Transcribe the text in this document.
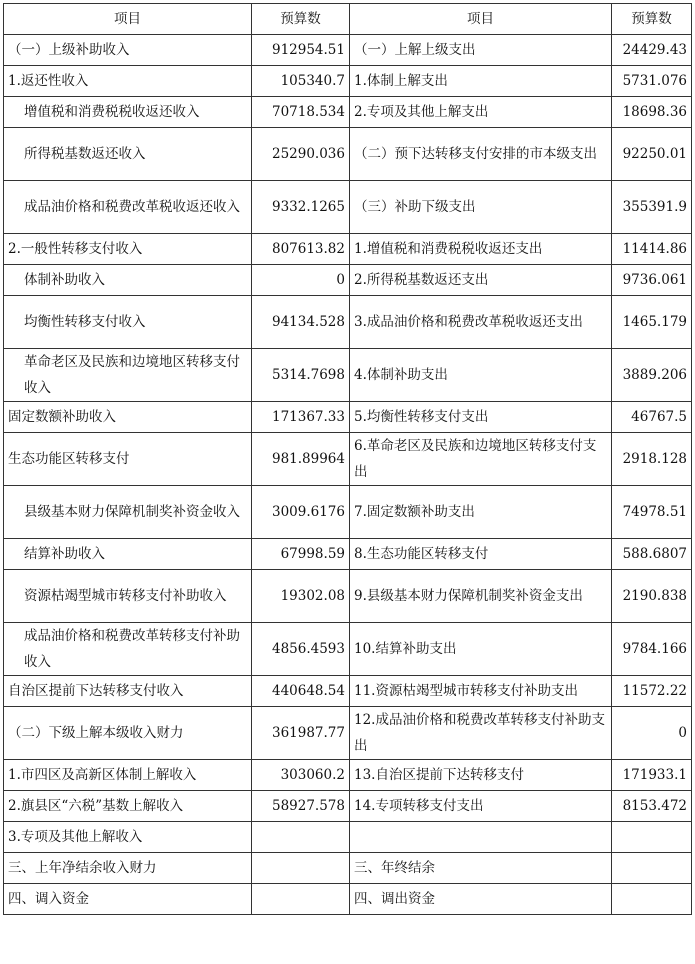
项目	预算数	项目	预算数
（一）上级补助收入	912954.51	（一）上解上级支出	24429.43
1.返还性收入	105340.7	1.体制上解支出	5731.076
增值税和消费税税收返还收入	70718.534	2.专项及其他上解支出	18698.36
所得税基数返还收入	25290.036	（二）预下达转移支付安排的市本级支出	92250.01
成品油价格和税费改革税收返还收入	9332.1265	（三）补助下级支出	355391.9
2.一般性转移支付收入	807613.82	1.增值税和消费税税收返还支出	11414.86
体制补助收入	0	2.所得税基数返还支出	9736.061
均衡性转移支付收入	94134.528	3.成品油价格和税费改革税收返还支出	1465.179
革命老区及民族和边境地区转移支付收入	5314.7698	4.体制补助支出	3889.206
固定数额补助收入	171367.33	5.均衡性转移支付支出	46767.5
生态功能区转移支付	981.89964	6.革命老区及民族和边境地区转移支付支出	2918.128
县级基本财力保障机制奖补资金收入	3009.6176	7.固定数额补助支出	74978.51
结算补助收入	67998.59	8.生态功能区转移支付	588.6807
资源枯竭型城市转移支付补助收入	19302.08	9.县级基本财力保障机制奖补资金支出	2190.838
成品油价格和税费改革转移支付补助收入	4856.4593	10.结算补助支出	9784.166
自治区提前下达转移支付收入	440648.54	11.资源枯竭型城市转移支付补助支出	11572.22
（二）下级上解本级收入财力	361987.77	12.成品油价格和税费改革转移支付补助支出	0
1.市四区及高新区体制上解收入	303060.2	13.自治区提前下达转移支付	171933.1
2.旗县区“六税”基数上解收入	58927.578	14.专项转移支付支出	8153.472
3.专项及其他上解收入			
三、上年净结余收入财力		三、年终结余	
四、调入资金		四、调出资金	
